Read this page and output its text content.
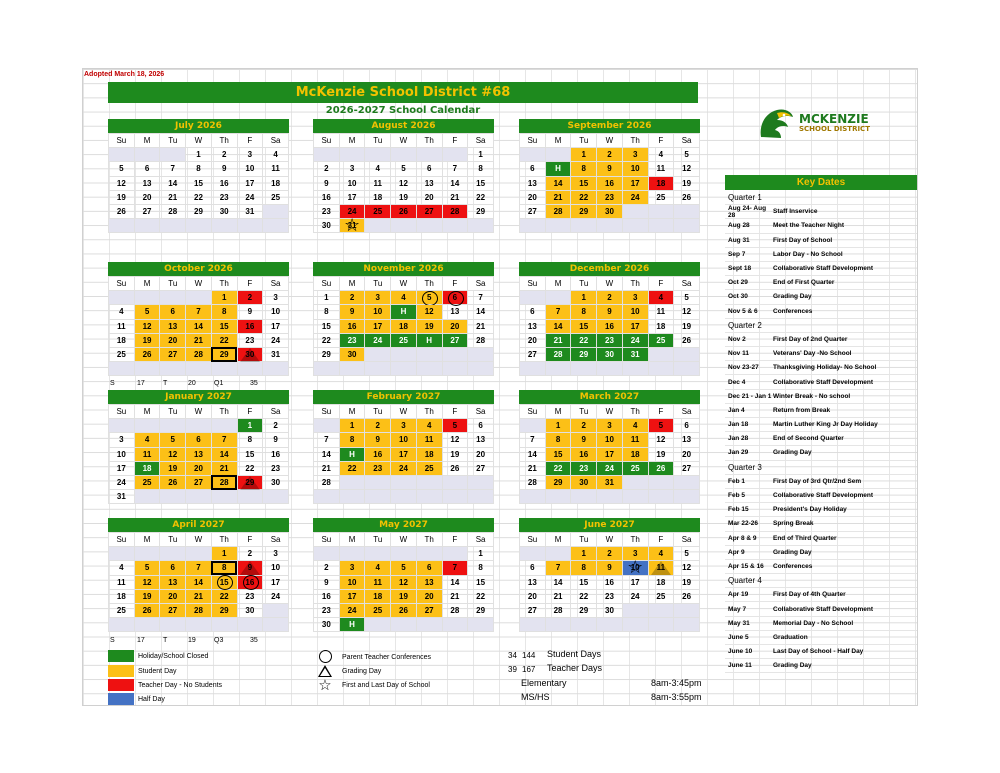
Adopted March 18, 2026
McKenzie School District #68
2026-2027 School Calendar
MCKENZIE
SCHOOL DISTRICT
July 2026
Su	M	Tu	W	Th	F	Sa
			1	2	3	4
5	6	7	8	9	10	11
12	13	14	15	16	17	18
19	20	21	22	23	24	25
26	27	28	29	30	31	

August 2026
Su	M	Tu	W	Th	F	Sa
						1
2	3	4	5	6	7	8
9	10	11	12	13	14	15
16	17	18	19	20	21	22
23	24	25	26	27	28	29
30	31 ☆					
September 2026
Su	M	Tu	W	Th	F	Sa
		1	2	3	4	5
6	H	8	9	10	11	12
13	14	15	16	17	18	19
20	21	22	23	24	25	26
27	28	29	30			

October 2026
Su	M	Tu	W	Th	F	Sa
				1	2	3
4	5	6	7	8	9	10
11	12	13	14	15	16	17
18	19	20	21	22	23	24
25	26	27	28	29	30	31

November 2026
Su	M	Tu	W	Th	F	Sa
1	2	3	4	5	6	7
8	9	10	H	12	13	14
15	16	17	18	19	20	21
22	23	24	25	H	27	28
29	30					

December 2026
Su	M	Tu	W	Th	F	Sa
		1	2	3	4	5
6	7	8	9	10	11	12
13	14	15	16	17	18	19
20	21	22	23	24	25	26
27	28	29	30	31		

January 2027
Su	M	Tu	W	Th	F	Sa
					1	2
3	4	5	6	7	8	9
10	11	12	13	14	15	16
17	18	19	20	21	22	23
24	25	26	27	28	29	30
31						
February 2027
Su	M	Tu	W	Th	F	Sa
	1	2	3	4	5	6
7	8	9	10	11	12	13
14	H	16	17	18	19	20
21	22	23	24	25	26	27
28						

March 2027
Su	M	Tu	W	Th	F	Sa
	1	2	3	4	5	6
7	8	9	10	11	12	13
14	15	16	17	18	19	20
21	22	23	24	25	26	27
28	29	30	31			

April 2027
Su	M	Tu	W	Th	F	Sa
				1	2	3
4	5	6	7	8	9	10
11	12	13	14	15	16	17
18	19	20	21	22	23	24
25	26	27	28	29	30	

May 2027
Su	M	Tu	W	Th	F	Sa
						1
2	3	4	5	6	7	8
9	10	11	12	13	14	15
16	17	18	19	20	21	22
23	24	25	26	27	28	29
30	H					
June 2027
Su	M	Tu	W	Th	F	Sa
		1	2	3	4	5
6	7	8	9	10 ☆	11	12
13	14	15	16	17	18	19
20	21	22	23	24	25	26
27	28	29	30			

S	17	T	20	Q1	35
S	17	T	19	Q3	35
Holiday/School Closed
Student Day
Teacher Day - No Students
Half Day
Parent Teacher Conferences
Grading Day
☆	First and Last Day of School
34 144 Student Days
39 167 Teacher Days
Elementary	8am-3:45pm
MS/HS	8am-3:55pm
Key Dates
Quarter 1
Aug 24- Aug 28	Staff Inservice
Aug 28	Meet the Teacher Night
Aug 31	First Day of School
Sep 7	Labor Day - No School
Sept 18	Collaborative Staff Development
Oct 29	End of First Quarter
Oct 30	Grading Day
Nov 5 & 6	Conferences
Quarter 2
Nov 2	First Day of 2nd Quarter
Nov 11	Veterans' Day -No School
Nov 23-27	Thanksgiving Holiday- No School
Dec 4	Collaborative Staff Development
Dec 21 - Jan 1 Winter Break - No school
Jan 4	Return from Break
Jan 18	Martin Luther King Jr Day Holiday
Jan 28	End of Second Quarter
Jan 29	Grading Day
Quarter 3
Feb 1	First Day of 3rd Qtr/2nd Sem
Feb 5	Collaborative Staff Development
Feb 15	President's Day Holiday
Mar 22-26	Spring Break
Apr 8 & 9	End of Third Quarter
Apr 9	Grading Day
Apr 15 & 16	Conferences
Quarter 4
Apr 19	First Day of 4th Quarter
May 7	Collaborative Staff Development
May 31	Memorial Day - No School
June 5	Graduation
June 10	Last Day of School - Half Day
June 11	Grading Day
